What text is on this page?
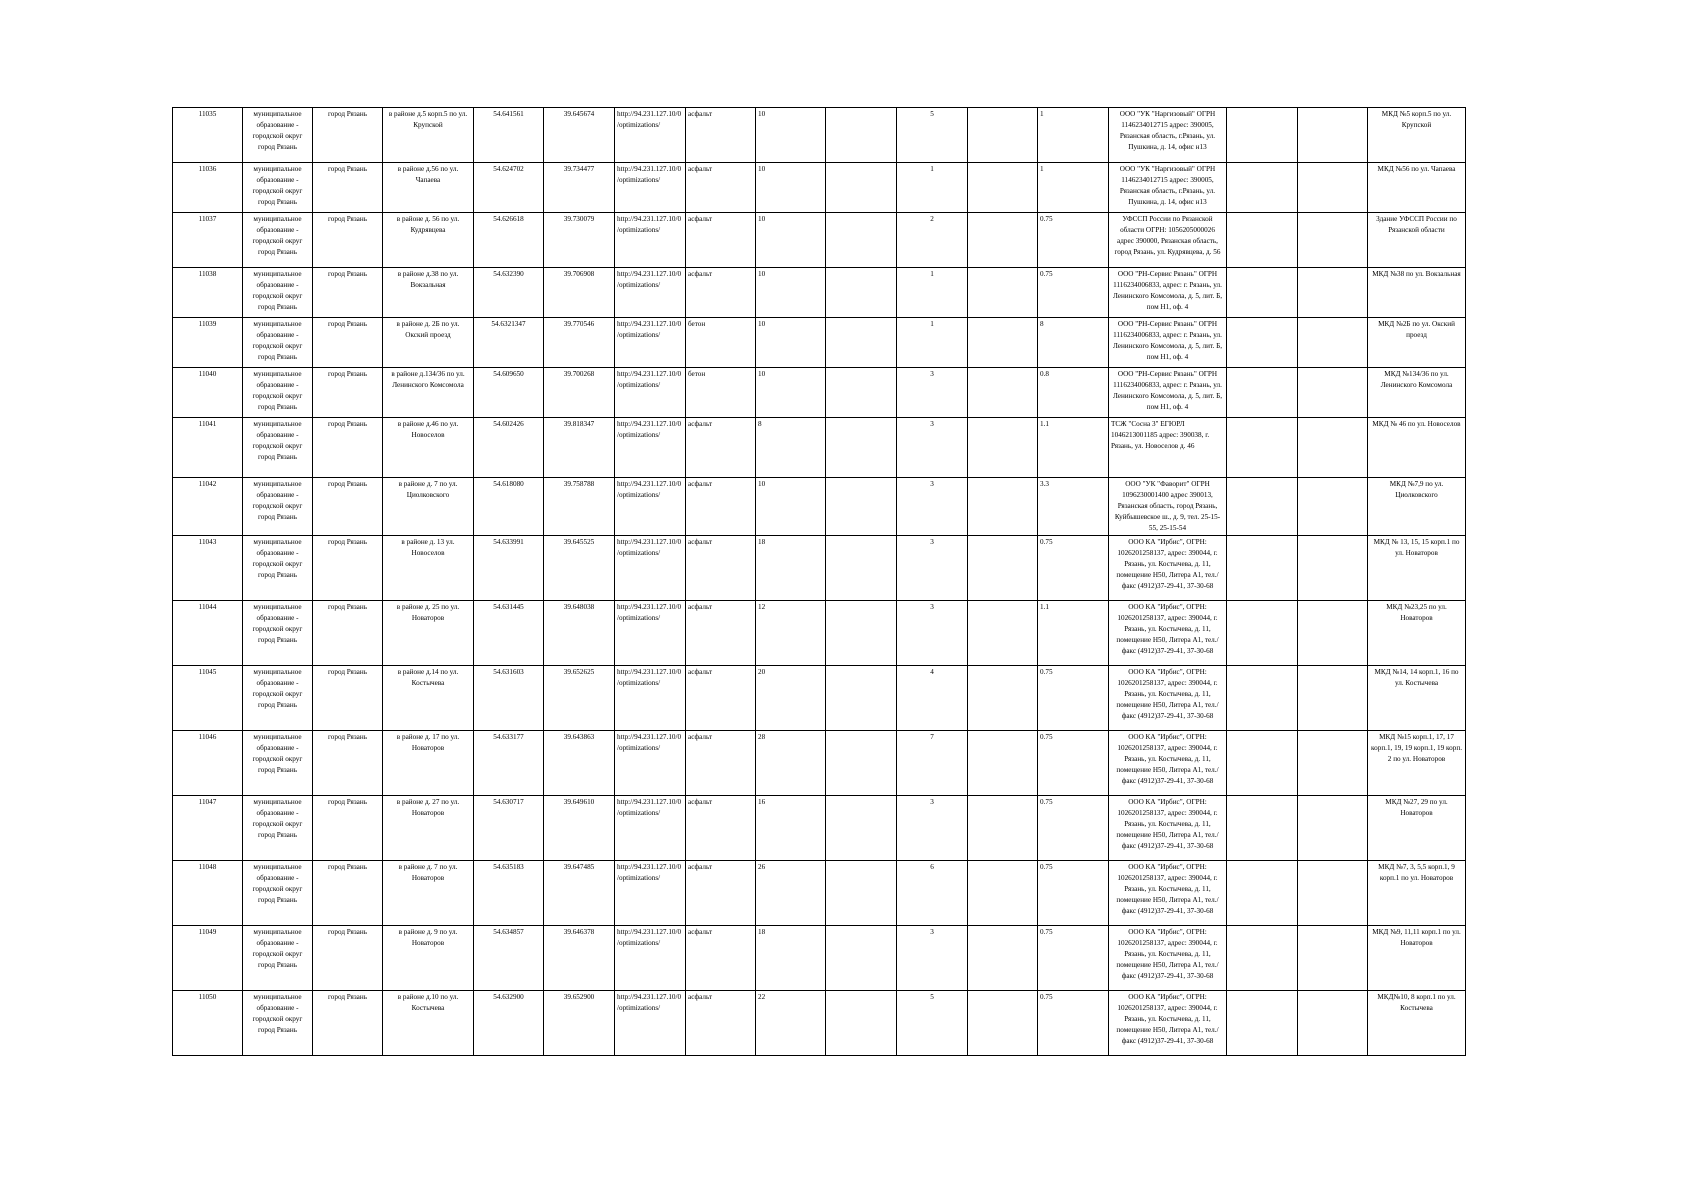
11035	муниципальное образование - городской округ город Рязань	город Рязань	в районе д.5 корп.5 по ул. Крупской	54.641561	39.645674	http://94.231.127.10/0/optimizations/	асфальт	10		5		1	ООО "УК "Наргизовый" ОГРН 1146234012715 адрес: 390005, Рязанская область, г.Рязань, ул. Пушкина, д. 14, офис н13			МКД №5 корп.5 по ул. Крупской
11036	муниципальное образование - городской округ город Рязань	город Рязань	в районе д.56 по ул. Чапаева	54.624702	39.734477	http://94.231.127.10/0/optimizations/	асфальт	10		1		1	ООО "УК "Наргизовый" ОГРН 1146234012715 адрес: 390005, Рязанская область, г.Рязань, ул. Пушкина, д. 14, офис н13			МКД №56 по ул. Чапаева
11037	муниципальное образование - городской округ город Рязань	город Рязань	в районе д. 56 по ул. Кудрявцева	54.626618	39.730079	http://94.231.127.10/0/optimizations/	асфальт	10		2		0.75	УФССП России по Рязанской области ОГРН: 1056205000026 адрес 390000, Рязанская область, город Рязань, ул. Кудрявцева, д. 56			Здание УФССП России по Рязанской области
11038	муниципальное образование - городской округ город Рязань	город Рязань	в районе д.38 по ул. Вокзальная	54.632390	39.706908	http://94.231.127.10/0/optimizations/	асфальт	10		1		0.75	ООО "РН-Сервис Рязань" ОГРН 1116234006833, адрес: г. Рязань, ул. Ленинского Комсомола, д. 5, лит. Б, пом Н1, оф. 4			МКД №38 по ул. Вокзальная
11039	муниципальное образование - городской округ город Рязань	город Рязань	в районе д. 2Б по ул. Окский проезд	54.6321347	39.770546	http://94.231.127.10/0/optimizations/	бетон	10		1		8	ООО "РН-Сервис Рязань" ОГРН 1116234006833, адрес: г. Рязань, ул. Ленинского Комсомола, д. 5, лит. Б, пом Н1, оф. 4			МКД №2Б по ул. Окский проезд
11040	муниципальное образование - городской округ город Рязань	город Рязань	в районе д.134/36 по ул. Ленинского Комсомола	54.609650	39.700268	http://94.231.127.10/0/optimizations/	бетон	10		3		0.8	ООО "РН-Сервис Рязань" ОГРН 1116234006833, адрес: г. Рязань, ул. Ленинского Комсомола, д. 5, лит. Б, пом Н1, оф. 4			МКД №134/36 по ул. Ленинского Комсомола
11041	муниципальное образование - городской округ город Рязань	город Рязань	в районе д.46 по ул. Новоселов	54.602426	39.818347	http://94.231.127.10/0/optimizations/	асфальт	8		3		1.1	ТСЖ "Сосна 3" ЕГЮРЛ 1046213001185 адрес: 390038, г. Рязань, ул. Новоселов д. 46			МКД № 46 по ул. Новоселов
11042	муниципальное образование - городской округ город Рязань	город Рязань	в районе д. 7 по ул. Циолковского	54.618080	39.758788	http://94.231.127.10/0/optimizations/	асфальт	10		3		3.3	ООО "УК "Фаворит" ОГРН 1096230001400 адрес 390013, Рязанская область, город Рязань, Куйбышевское ш., д. 9, тел. 25-15-55, 25-15-54			МКД №7,9 по ул. Циолковского
11043	муниципальное образование - городской округ город Рязань	город Рязань	в районе д. 13 ул. Новоселов	54.633991	39.645525	http://94.231.127.10/0/optimizations/	асфальт	18		3		0.75	ООО КА "Ирбис", ОГРН: 1026201258137, адрес: 390044, г. Рязань, ул. Костычева, д. 11, помещение Н50, Литера А1, тел./факс (4912)37-29-41, 37-30-68			МКД № 13, 15, 15 корп.1 по ул. Новаторов
11044	муниципальное образование - городской округ город Рязань	город Рязань	в районе д. 25 по ул. Новаторов	54.631445	39.648038	http://94.231.127.10/0/optimizations/	асфальт	12		3		1.1	ООО КА "Ирбис", ОГРН: 1026201258137, адрес: 390044, г. Рязань, ул. Костычева, д. 11, помещение Н50, Литера А1, тел./факс (4912)37-29-41, 37-30-68			МКД №23,25 по ул. Новаторов
11045	муниципальное образование - городской округ город Рязань	город Рязань	в районе д.14 по ул. Костычева	54.631603	39.652625	http://94.231.127.10/0/optimizations/	асфальт	20		4		0.75	ООО КА "Ирбис", ОГРН: 1026201258137, адрес: 390044, г. Рязань, ул. Костычева, д. 11, помещение Н50, Литера А1, тел./факс (4912)37-29-41, 37-30-68			МКД №14, 14 корп.1, 16 по ул. Костычева
11046	муниципальное образование - городской округ город Рязань	город Рязань	в районе д. 17 по ул. Новаторов	54.633177	39.643863	http://94.231.127.10/0/optimizations/	асфальт	28		7		0.75	ООО КА "Ирбис", ОГРН: 1026201258137, адрес: 390044, г. Рязань, ул. Костычева, д. 11, помещение Н50, Литера А1, тел./факс (4912)37-29-41, 37-30-68			МКД №15 корп.1, 17, 17 корп.1, 19, 19 корп.1, 19 корп. 2 по ул. Новаторов
11047	муниципальное образование - городской округ город Рязань	город Рязань	в районе д. 27 по ул. Новаторов	54.630717	39.649610	http://94.231.127.10/0/optimizations/	асфальт	16		3		0.75	ООО КА "Ирбис", ОГРН: 1026201258137, адрес: 390044, г. Рязань, ул. Костычева, д. 11, помещение Н50, Литера А1, тел./факс (4912)37-29-41, 37-30-68			МКД №27, 29 по ул. Новаторов
11048	муниципальное образование - городской округ город Рязань	город Рязань	в районе д. 7 по ул. Новаторов	54.635183	39.647485	http://94.231.127.10/0/optimizations/	асфальт	26		6		0.75	ООО КА "Ирбис", ОГРН: 1026201258137, адрес: 390044, г. Рязань, ул. Костычева, д. 11, помещение Н50, Литера А1, тел./факс (4912)37-29-41, 37-30-68			МКД №7, 3, 5,5 корп.1, 9 корп.1 по ул. Новаторов
11049	муниципальное образование - городской округ город Рязань	город Рязань	в районе д. 9 по ул. Новаторов	54.634857	39.646378	http://94.231.127.10/0/optimizations/	асфальт	18		3		0.75	ООО КА "Ирбис", ОГРН: 1026201258137, адрес: 390044, г. Рязань, ул. Костычева, д. 11, помещение Н50, Литера А1, тел./факс (4912)37-29-41, 37-30-68			МКД №9, 11,11 корп.1 по ул. Новаторов
11050	муниципальное образование - городской округ город Рязань	город Рязань	в районе д.10 по ул. Костычева	54.632900	39.652900	http://94.231.127.10/0/optimizations/	асфальт	22		5		0.75	ООО КА "Ирбис", ОГРН: 1026201258137, адрес: 390044, г. Рязань, ул. Костычева, д. 11, помещение Н50, Литера А1, тел./факс (4912)37-29-41, 37-30-68			МКД№10, 8 корп.1 по ул. Костычева
